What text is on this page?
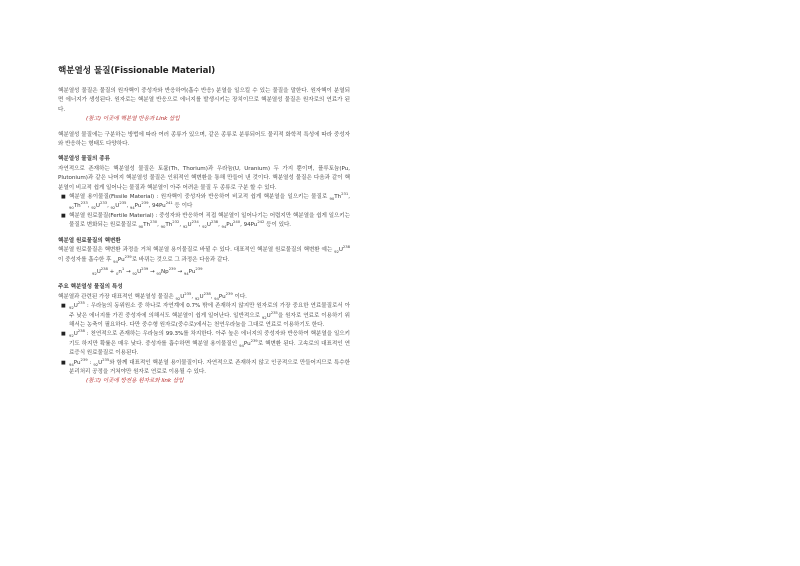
핵분열성 물질(Fissionable Material)

핵분열성 물질은 물질의 원자핵이 중성자와 반응하여(흡수 반응) 분열을 일으킬 수 있는 물질을 말한다. 원자핵이 분열되면 에너지가 생성된다. 원자로는 핵분열 반응으로 에너지를 발생시키는 장치이므로 핵분열성 물질은 원자로의 연료가 된다.

(참고) 이곳에 핵분열 반응과 Link 삽입

핵분열성 물질에는 구분하는 방법에 따라 여러 종류가 있으며, 같은 종류로 분류되어도 물리적 화학적 특성에 따라 중성자와 반응하는 형태도 다양하다.

핵분열성 물질의 종류

자연적으로 존재하는 핵분열성 물질은 토륨(Th, Thorium)과 우라늄(U, Uranium) 두 가지 뿐이며, 플루토늄(Pu, Plutonium)과 같은 나머지 핵분열성 물질은 인위적인 핵변환을 통해 만들어 낸 것이다. 핵분열성 물질은 다음과 같이 핵분열이 비교적 쉽게 일어나는 물질과 핵분열이 아주 어려운 물질 두 종류로 구분 할 수 있다.

■ 핵분열 용이물질(Fissile Material) : 원자핵이 중성자와 반응하여 비교적 쉽게 핵분열을 일으키는 물질로 $_{90}Th^{231}$, $_{90}Th^{233}$, $_{92}U^{233}$, $_{92}U^{235}$, $_{94}Pu^{239}$, 94Pu$^{241}$ 등 이다
■ 핵분열 원료물질(Fertile Material) : 중성자와 반응하여 직접 핵분열이 일어나기는 어렵지만 핵분열을 쉽게 일으키는 물질로 변화되는 원료물질로 $_{90}Th^{230}$, $_{90}Th^{232}$, $_{92}U^{234}$, $_{92}U^{238}$, $_{94}Pu^{240}$, 94Pu$^{242}$ 등이 있다.

핵분열 원료물질의 핵변환

핵분열 원료물질은 핵변환 과정을 거쳐 핵분열 용이물질로 바뀔 수 있다. 대표적인 핵분열 원료물질의 핵변환 예는 $_{92}U^{238}$이 중성자를 흡수한 후 $_{94}Pu^{239}$로 바뀌는 것으로 그 과정은 다음과 같다.

$_{92}U^{238} + _0n^1 \to _{92}U^{239} \to _{93}Np^{239} \to _{94}Pu^{239}$

주요 핵분열성 물질의 특성

핵분열과 관련된 가장 대표적인 핵분열성 물질은 $_{92}U^{235}$, $_{92}U^{238}$, $_{94}Pu^{239}$ 이다.

■ $_{92}U^{235}$ : 우라늄의 동위원소 중 하나로 자연계에 0.7% 밖에 존재하지 않지만 원자로의 가장 중요한 연료물질로서 아주 낮은 에너지를 가진 중성자에 의해서도 핵분열이 쉽게 일어난다. 일반적으로 $_{92}U^{235}$을 원자로 연료로 이용하기 위해서는 농축이 필요하다. 다만 중수형 원자로(중수로)에서는 천연우라늄을 그대로 연료로 이용하기도 한다.
■ $_{92}U^{238}$ : 천연적으로 존재하는 우라늄의 99.3%를 차지한다. 아주 높은 에너지의 중성자와 반응하여 핵분열을 일으키기도 하지만 확률은 매우 낮다. 중성자를 흡수하면 핵분열 용이물질인 $_{94}Pu^{239}$로 핵변환 된다. 고속로의 대표적인 연료증식 원료물질로 이용된다.
■ $_{94}Pu^{239}$ : $_{92}U^{235}$와 함께 대표적인 핵분열 용이물질이다. 자연적으로 존재하지 않고 인공적으로 만들어지므로 특수한 분리처리 공정을 거쳐야만 원자로 연료로 이용될 수 있다.

(참고) 이곳에 방전용 원자로와 link 삽입
